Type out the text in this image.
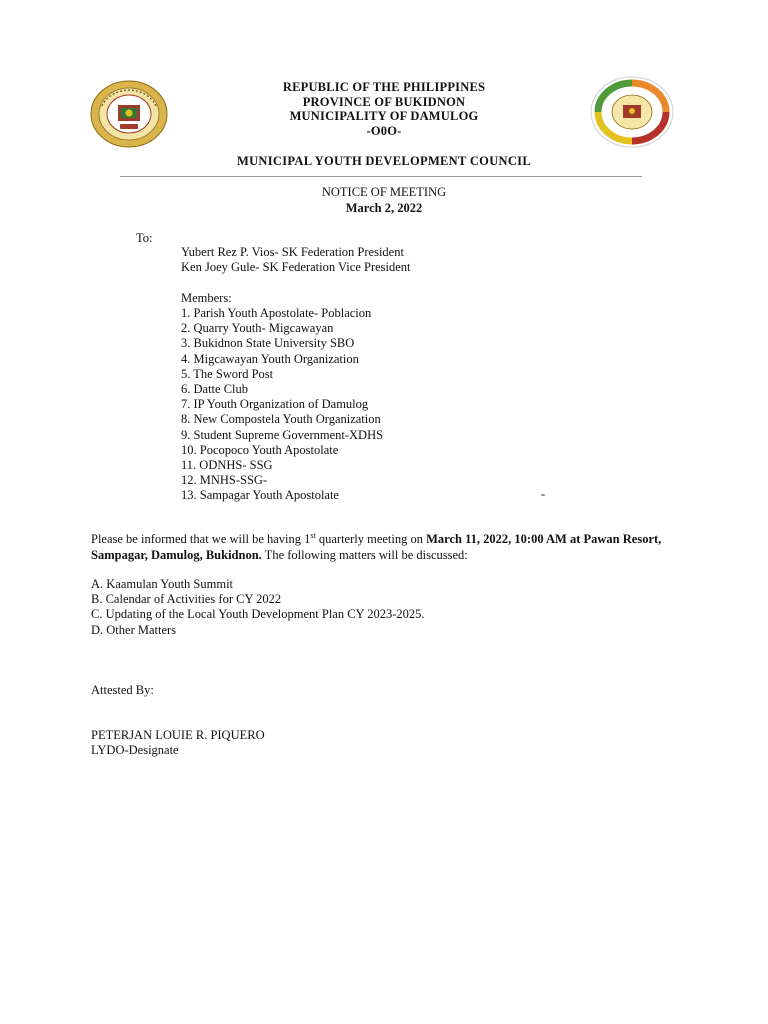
REPUBLIC OF THE PHILIPPINES
PROVINCE OF BUKIDNON
MUNICIPALITY OF DAMULOG
-O0O-
MUNICIPAL YOUTH DEVELOPMENT COUNCIL
NOTICE OF MEETING
March 2, 2022
To:
Yubert Rez P. Vios- SK Federation President
Ken Joey Gule- SK Federation Vice President
Members:
1. Parish Youth Apostolate- Poblacion
2. Quarry Youth- Migcawayan
3. Bukidnon State University SBO
4. Migcawayan Youth Organization
5. The Sword Post
6. Datte Club
7. IP Youth Organization of Damulog
8. New Compostela Youth Organization
9. Student Supreme Government-XDHS
10. Pocopoco Youth Apostolate
11. ODNHS- SSG
12. MNHS-SSG-
13. Sampagar Youth Apostolate	-
Please be informed that we will be having 1st quarterly meeting on March 11, 2022, 10:00 AM at Pawan Resort, Sampagar, Damulog, Bukidnon. The following matters will be discussed:
A. Kaamulan Youth Summit
B. Calendar of Activities for CY 2022
C. Updating of the Local Youth Development Plan CY 2023-2025.
D. Other Matters
Attested By:
PETERJAN LOUIE R. PIQUERO
LYDO-Designate
